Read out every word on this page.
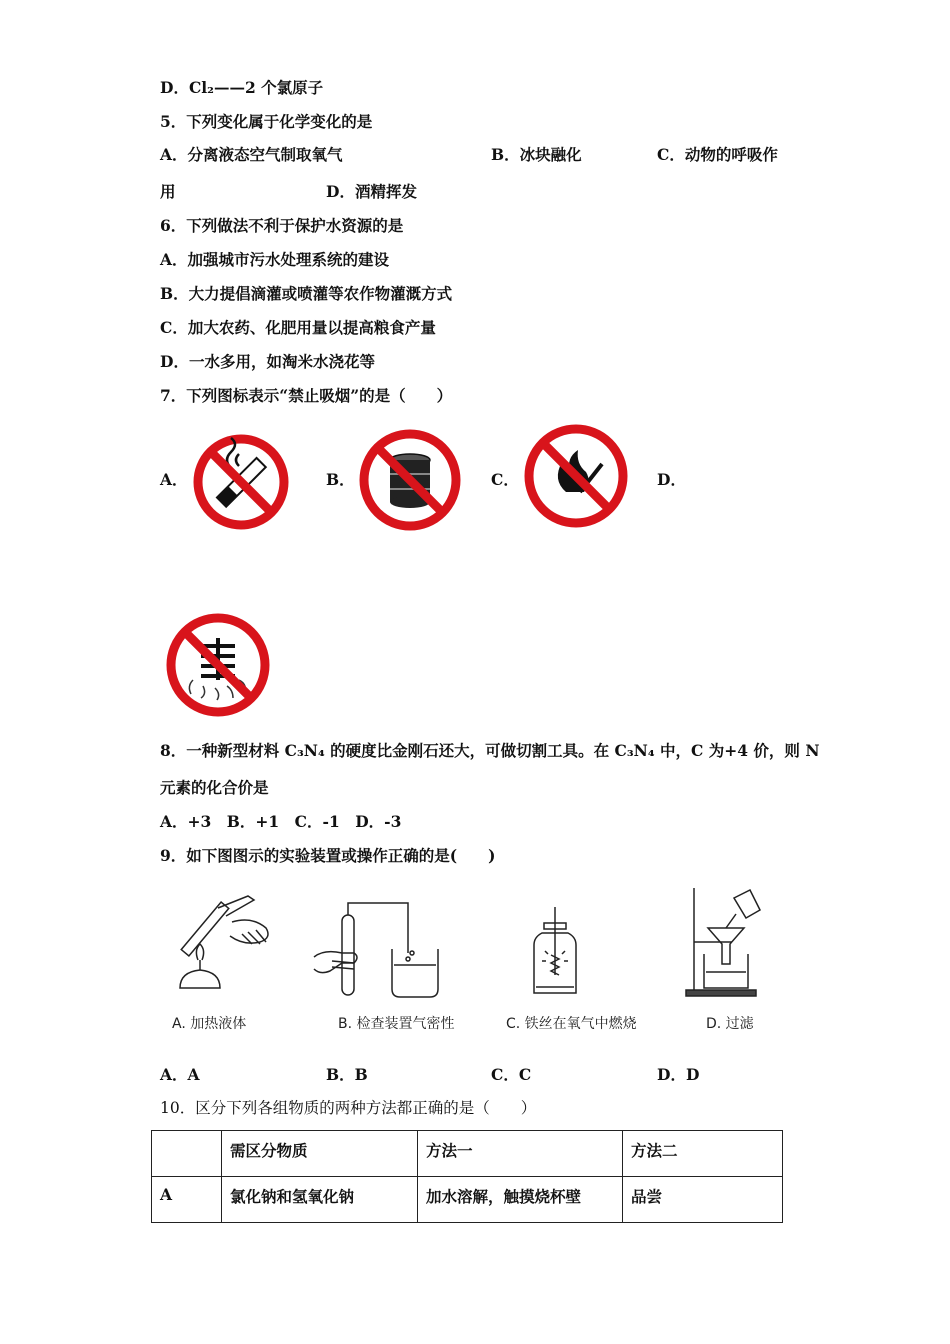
D．Cl₂——2 个氯原子
5．下列变化属于化学变化的是
A．分离液态空气制取氧气	B．冰块融化	C．动物的呼吸作
用	D．酒精挥发
6．下列做法不利于保护水资源的是
A．加强城市污水处理系统的建设
B．大力提倡滴灌或喷灌等农作物灌溉方式
C．加大农药、化肥用量以提高粮食产量
D．一水多用，如淘米水浇花等
7．下列图标表示“禁止吸烟”的是（　　）
A．	B．	C．	D．
8．一种新型材料 C₃N₄ 的硬度比金刚石还大，可做切割工具。在 C₃N₄ 中，C 为+4 价，则 N
元素的化合价是
A．+3　B．+1　C．-1　D．-3
9．如下图图示的实验装置或操作正确的是(　　)
A. 加热液体	B. 检查装置气密性	C. 铁丝在氧气中燃烧	D. 过滤
A．A	B．B	C．C	D．D
10．区分下列各组物质的两种方法都正确的是（　　）
	需区分物质	方法一	方法二
A	氯化钠和氢氧化钠	加水溶解，触摸烧杯壁	品尝
